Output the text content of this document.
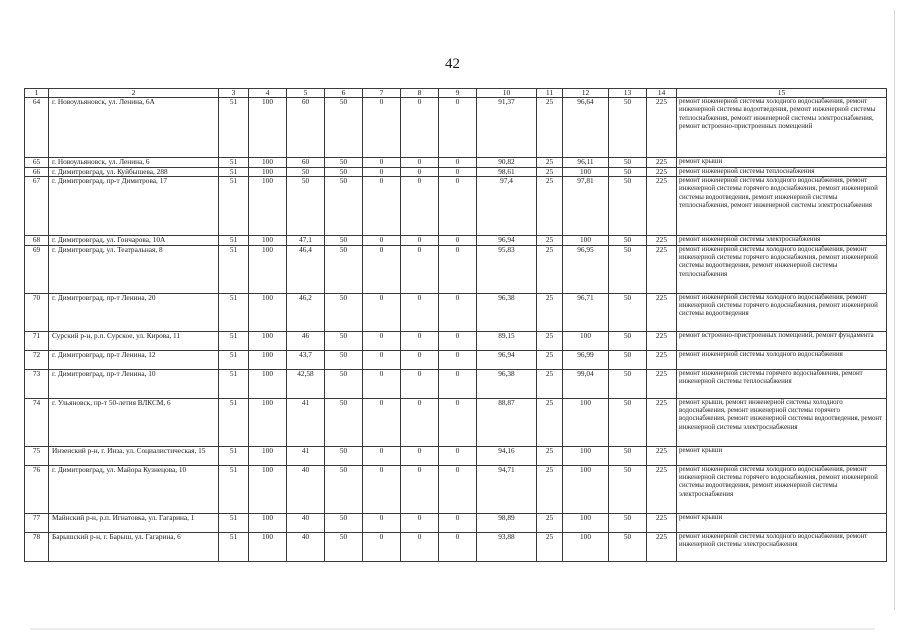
42
1	2	3	4	5	6	7	8	9	10	11	12	13	14	15
64	г. Новоульяновск, ул. Ленина, 6А	51	100	60	50	0	0	0	91,37	25	96,64	50	225	ремонт инженерной системы холодного водоснабжения, ремонт инженерной системы водоотведения, ремонт инженерной системы теплоснабжения, ремонт инженерной системы электроснабжения, ремонт встроенно-пристроенных помещений
65	г. Новоульяновск, ул. Ленина, 6	51	100	60	50	0	0	0	90,82	25	96,11	50	225	ремонт крыши
66	г. Димитровград, ул. Куйбышева, 288	51	100	50	50	0	0	0	98,61	25	100	50	225	ремонт инженерной системы теплоснабжения
67	г. Димитровград, пр-т Димитрова, 17	51	100	50	50	0	0	0	97,4	25	97,81	50	225	ремонт инженерной системы холодного водоснабжения, ремонт инженерной системы горячего водоснабжения, ремонт инженерной системы водоотведения, ремонт инженерной системы теплоснабжения, ремонт инженерной системы электроснабжения
68	г. Димитровград, ул. Гончарова, 10А	51	100	47,1	50	0	0	0	96,94	25	100	50	225	ремонт инженерной системы электроснабжения
69	г. Димитровград, ул. Театральная, 8	51	100	46,4	50	0	0	0	95,83	25	96,95	50	225	ремонт инженерной системы холодного водоснабжения, ремонт инженерной системы горячего водоснабжения, ремонт инженерной системы водоотведения, ремонт инженерной системы теплоснабжения
70	г. Димитровград, пр-т Ленина, 20	51	100	46,2	50	0	0	0	96,38	25	96,71	50	225	ремонт инженерной системы холодного водоснабжения, ремонт инженерной системы горячего водоснабжения, ремонт инженерной системы водоотведения
71	Сурский р-н, р.п. Сурское, ул. Кирова, 11	51	100	46	50	0	0	0	89,15	25	100	50	225	ремонт встроенно-пристроенных помещений, ремонт фундамента
72	г. Димитровград, пр-т Ленина, 12	51	100	43,7	50	0	0	0	96,94	25	96,99	50	225	ремонт инженерной системы холодного водоснабжения
73	г. Димитровград, пр-т Ленина, 10	51	100	42,58	50	0	0	0	96,38	25	99,04	50	225	ремонт инженерной системы горячего водоснабжения, ремонт инженерной системы теплоснабжения
74	г. Ульяновск, пр-т 50-летия ВЛКСМ, 6	51	100	41	50	0	0	0	88,87	25	100	50	225	ремонт крыши, ремонт инженерной системы холодного водоснабжения, ремонт инженерной системы горячего водоснабжения, ремонт инженерной системы водоотведения, ремонт инженерной системы электроснабжения
75	Инзенский р-н, г. Инза, ул. Социалистическая, 15	51	100	41	50	0	0	0	94,16	25	100	50	225	ремонт крыши
76	г. Димитровград, ул. Майора Кузнецова, 10	51	100	40	50	0	0	0	94,71	25	100	50	225	ремонт инженерной системы холодного водоснабжения, ремонт инженерной системы горячего водоснабжения, ремонт инженерной системы водоотведения, ремонт инженерной системы электроснабжения
77	Майнский р-н, р.п. Игнатовка, ул. Гагарина, 1	51	100	40	50	0	0	0	98,89	25	100	50	225	ремонт крыши
78	Барышский р-н, г. Барыш, ул. Гагарина, 6	51	100	40	50	0	0	0	93,88	25	100	50	225	ремонт инженерной системы холодного водоснабжения, ремонт инженерной системы электроснабжения
